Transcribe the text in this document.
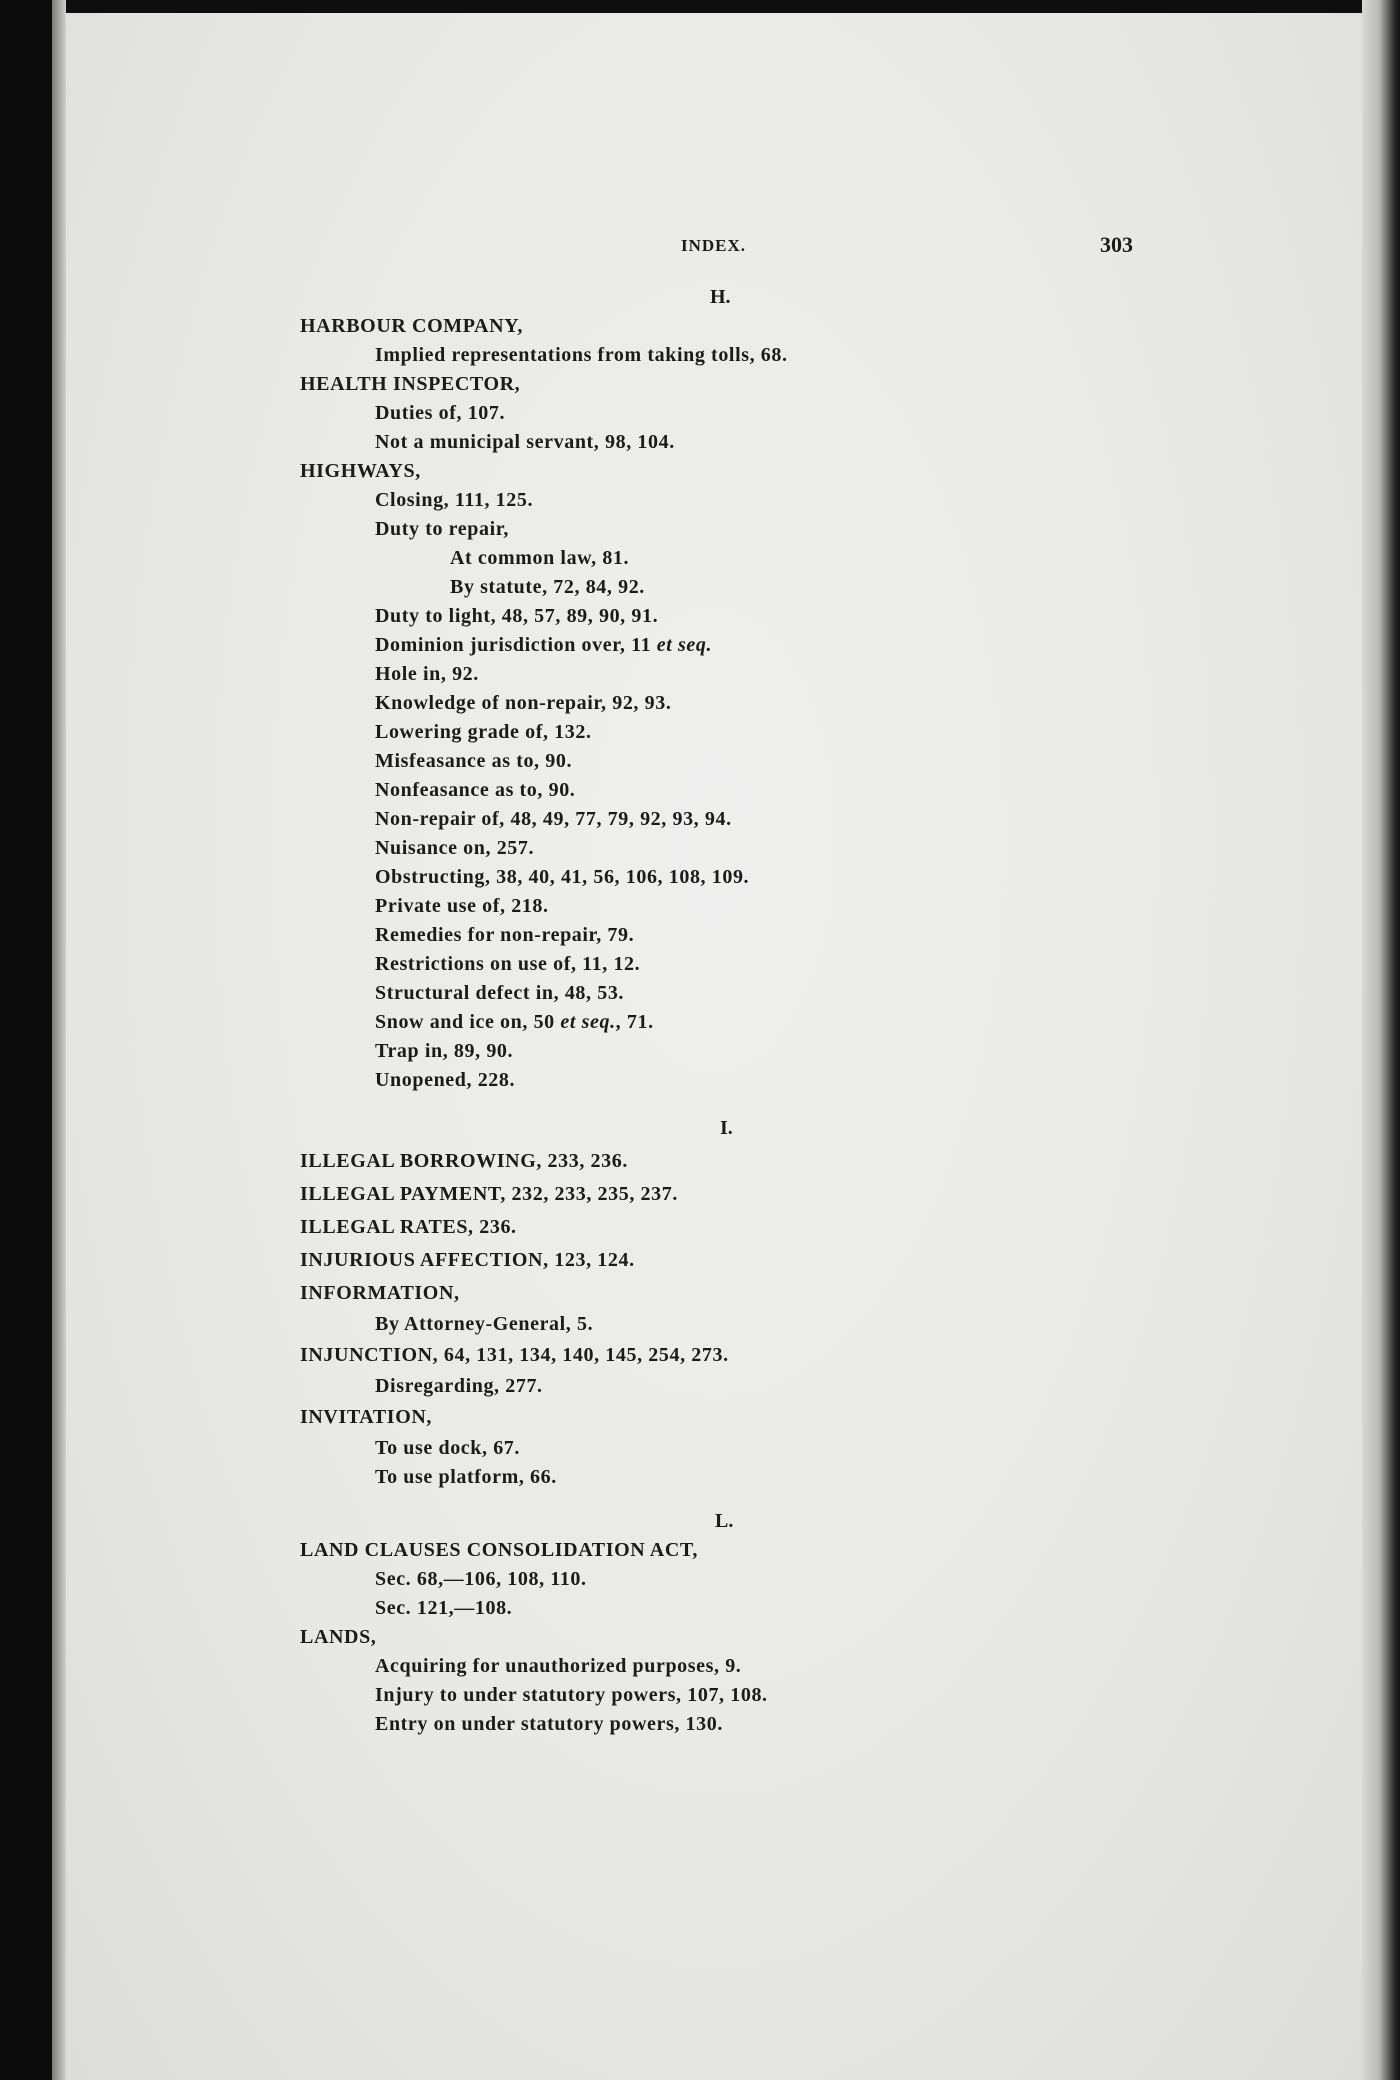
INDEX.	303
H.
HARBOUR COMPANY,
Implied representations from taking tolls, 68.
HEALTH INSPECTOR,
Duties of, 107.
Not a municipal servant, 98, 104.
HIGHWAYS,
Closing, 111, 125.
Duty to repair,
At common law, 81.
By statute, 72, 84, 92.
Duty to light, 48, 57, 89, 90, 91.
Dominion jurisdiction over, 11 et seq.
Hole in, 92.
Knowledge of non-repair, 92, 93.
Lowering grade of, 132.
Misfeasance as to, 90.
Nonfeasance as to, 90.
Non-repair of, 48, 49, 77, 79, 92, 93, 94.
Nuisance on, 257.
Obstructing, 38, 40, 41, 56, 106, 108, 109.
Private use of, 218.
Remedies for non-repair, 79.
Restrictions on use of, 11, 12.
Structural defect in, 48, 53.
Snow and ice on, 50 et seq., 71.
Trap in, 89, 90.
Unopened, 228.
I.
ILLEGAL BORROWING, 233, 236.
ILLEGAL PAYMENT, 232, 233, 235, 237.
ILLEGAL RATES, 236.
INJURIOUS AFFECTION, 123, 124.
INFORMATION,
By Attorney-General, 5.
INJUNCTION, 64, 131, 134, 140, 145, 254, 273.
Disregarding, 277.
INVITATION,
To use dock, 67.
To use platform, 66.
L.
LAND CLAUSES CONSOLIDATION ACT,
Sec. 68,—106, 108, 110.
Sec. 121,—108.
LANDS,
Acquiring for unauthorized purposes, 9.
Injury to under statutory powers, 107, 108.
Entry on under statutory powers, 130.
